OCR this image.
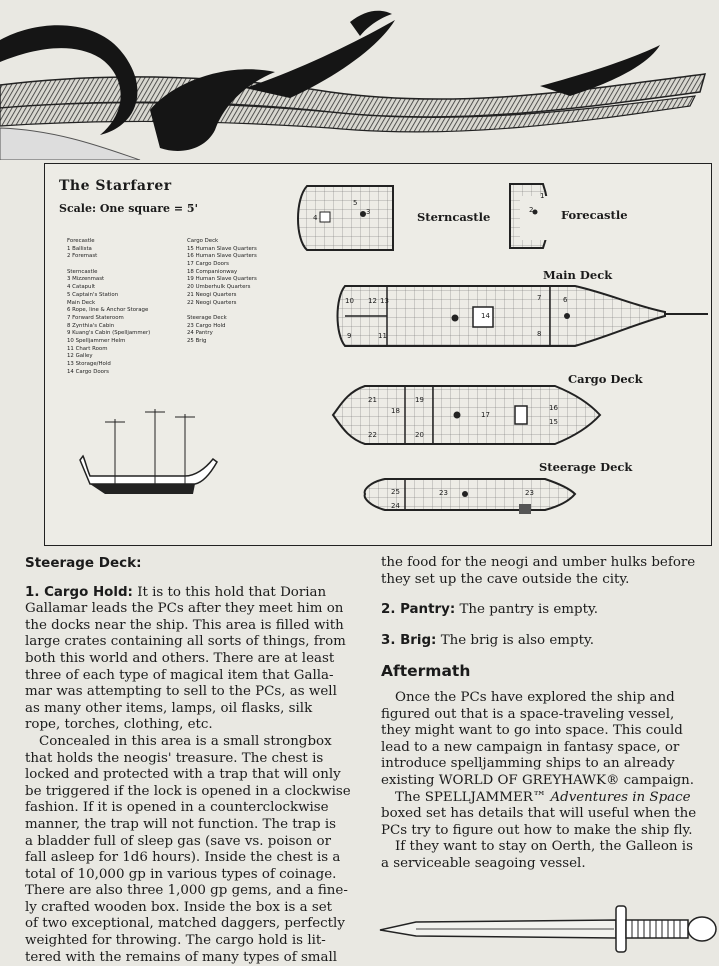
The Starfarer
Scale: One square = 5'
Forecastle
1 Ballista
2 Foremast
Sterncastle
3 Mizzenmast
4 Catapult
5 Captain's Station
Main Deck
6 Rope, line & Anchor Storage
7 Forward Stateroom
8 Zynthia's Cabin
9 Kuang's Cabin (Spelljammer)
10 Spelljammer Helm
11 Chart Room
12 Galley
13 Storage/Hold
14 Cargo Doors
Cargo Deck
15 Human Slave Quarters
16 Human Slave Quarters
17 Cargo Doors
18 Companionway
19 Human Slave Quarters
20 Umberhulk Quarters
21 Neogi Quarters
22 Neogi Quarters
Steerage Deck
23 Cargo Hold
24 Pantry
25 Brig
Sterncastle	Forecastle
Main Deck
Cargo Deck
Steerage Deck
1
2
3
4
5
6
7
8
9
10
11
12 13
14
15
16
17
18
19
20
21
22
23	23
24
25
Steerage Deck:

1. Cargo Hold: It is to this hold that Dorian

Gallamar leads the PCs after they meet him on

the docks near the ship. This area is filled with

large crates containing all sorts of things, from

both this world and others. There are at least

three of each type of magical item that Galla-

mar was attempting to sell to the PCs, as well

as many other items, lamps, oil flasks, silk

rope, torches, clothing, etc.

Concealed in this area is a small strongbox

that holds the neogis' treasure. The chest is

locked and protected with a trap that will only

be triggered if the lock is opened in a clockwise

fashion. If it is opened in a counterclockwise

manner, the trap will not function. The trap is

a bladder full of sleep gas (save vs. poison or

fall asleep for 1d6 hours). Inside the chest is a

total of 10,000 gp in various types of coinage.

There are also three 1,000 gp gems, and a fine-

ly crafted wooden box. Inside the box is a set

of two exceptional, matched daggers, perfectly

weighted for throwing. The cargo hold is lit-

tered with the remains of many types of small

the food for the neogi and umber hulks before

they set up the cave outside the city.

2. Pantry: The pantry is empty.

3. Brig: The brig is also empty.

Aftermath

Once the PCs have explored the ship and

figured out that is a space-traveling vessel,

they might want to go into space. This could

lead to a new campaign in fantasy space, or

introduce spelljamming ships to an already

existing WORLD OF GREYHAWK® campaign.

The SPELLJAMMER™ Adventures in Space

boxed set has details that will useful when the

PCs try to figure out how to make the ship fly.

If they want to stay on Oerth, the Galleon is

a serviceable seagoing vessel.
